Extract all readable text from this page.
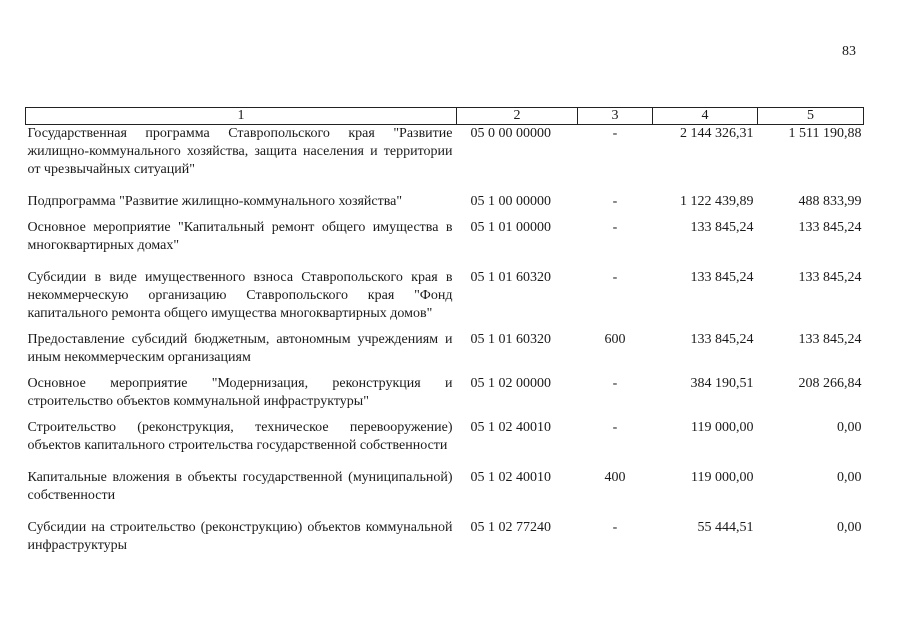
83
1	2	3	4	5
Государственная программа Ставропольского края "Развитие жилищно-коммунального хозяйства, защита населения и территории от чрезвычайных ситуаций"	05 0 00 00000	-	2 144 326,31	1 511 190,88
Подпрограмма "Развитие жилищно-коммунального хозяйства"	05 1 00 00000	-	1 122 439,89	488 833,99
Основное мероприятие "Капитальный ремонт общего имущества в многоквартирных домах"	05 1 01 00000	-	133 845,24	133 845,24
Субсидии в виде имущественного взноса Ставропольского края в некоммерческую организацию Ставропольского края "Фонд капитального ремонта общего имущества многоквартирных домов"	05 1 01 60320	-	133 845,24	133 845,24
Предоставление субсидий бюджетным, автономным учреждениям и иным некоммерческим организациям	05 1 01 60320	600	133 845,24	133 845,24
Основное мероприятие "Модернизация, реконструкция и строительство объектов коммунальной инфраструктуры"	05 1 02 00000	-	384 190,51	208 266,84
Строительство (реконструкция, техническое перевооружение) объектов капитального строительства государственной собственности	05 1 02 40010	-	119 000,00	0,00
Капитальные вложения в объекты государственной (муниципальной) собственности	05 1 02 40010	400	119 000,00	0,00
Субсидии на строительство (реконструкцию) объектов коммунальной инфраструктуры	05 1 02 77240	-	55 444,51	0,00
